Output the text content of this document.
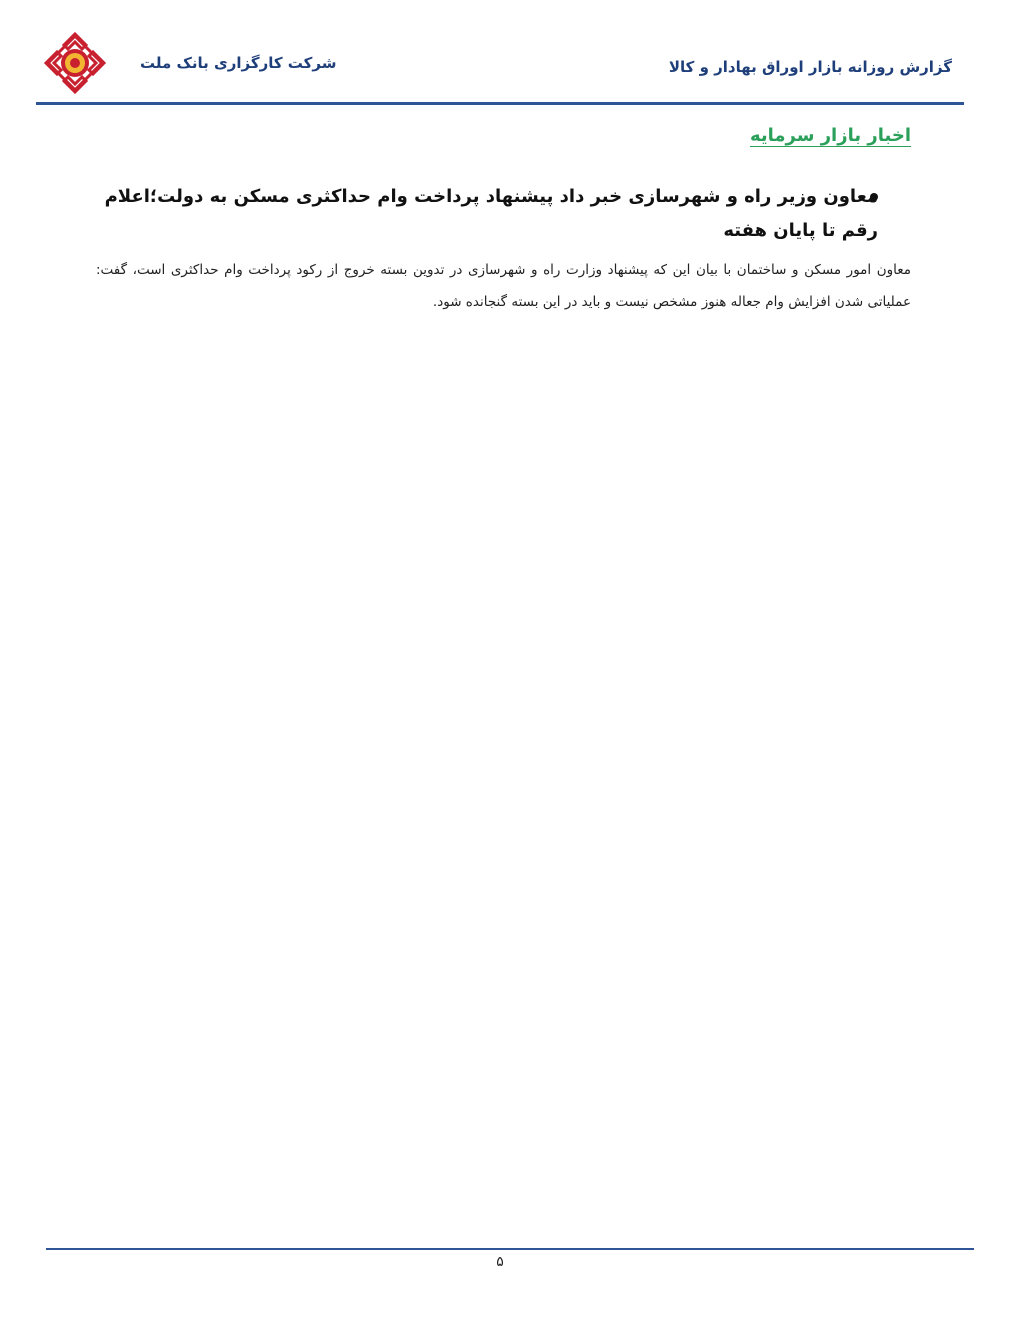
شرکت کارگزاری بانک ملت	گزارش روزانه بازار اوراق بهادار و کالا
اخبار بازار سرمایه
معاون وزیر راه و شهرسازی خبر داد پیشنهاد پرداخت وام حداکثری مسکن به دولت؛اعلام رقم تا پایان هفته
معاون امور مسکن و ساختمان با بیان این که پیشنهاد وزارت راه و شهرسازی در تدوین بسته خروج از رکود پرداخت وام حداکثری است، گفت: عملیاتی شدن افزایش وام جعاله هنوز مشخص نیست و باید در این بسته گنجانده شود.
۵
